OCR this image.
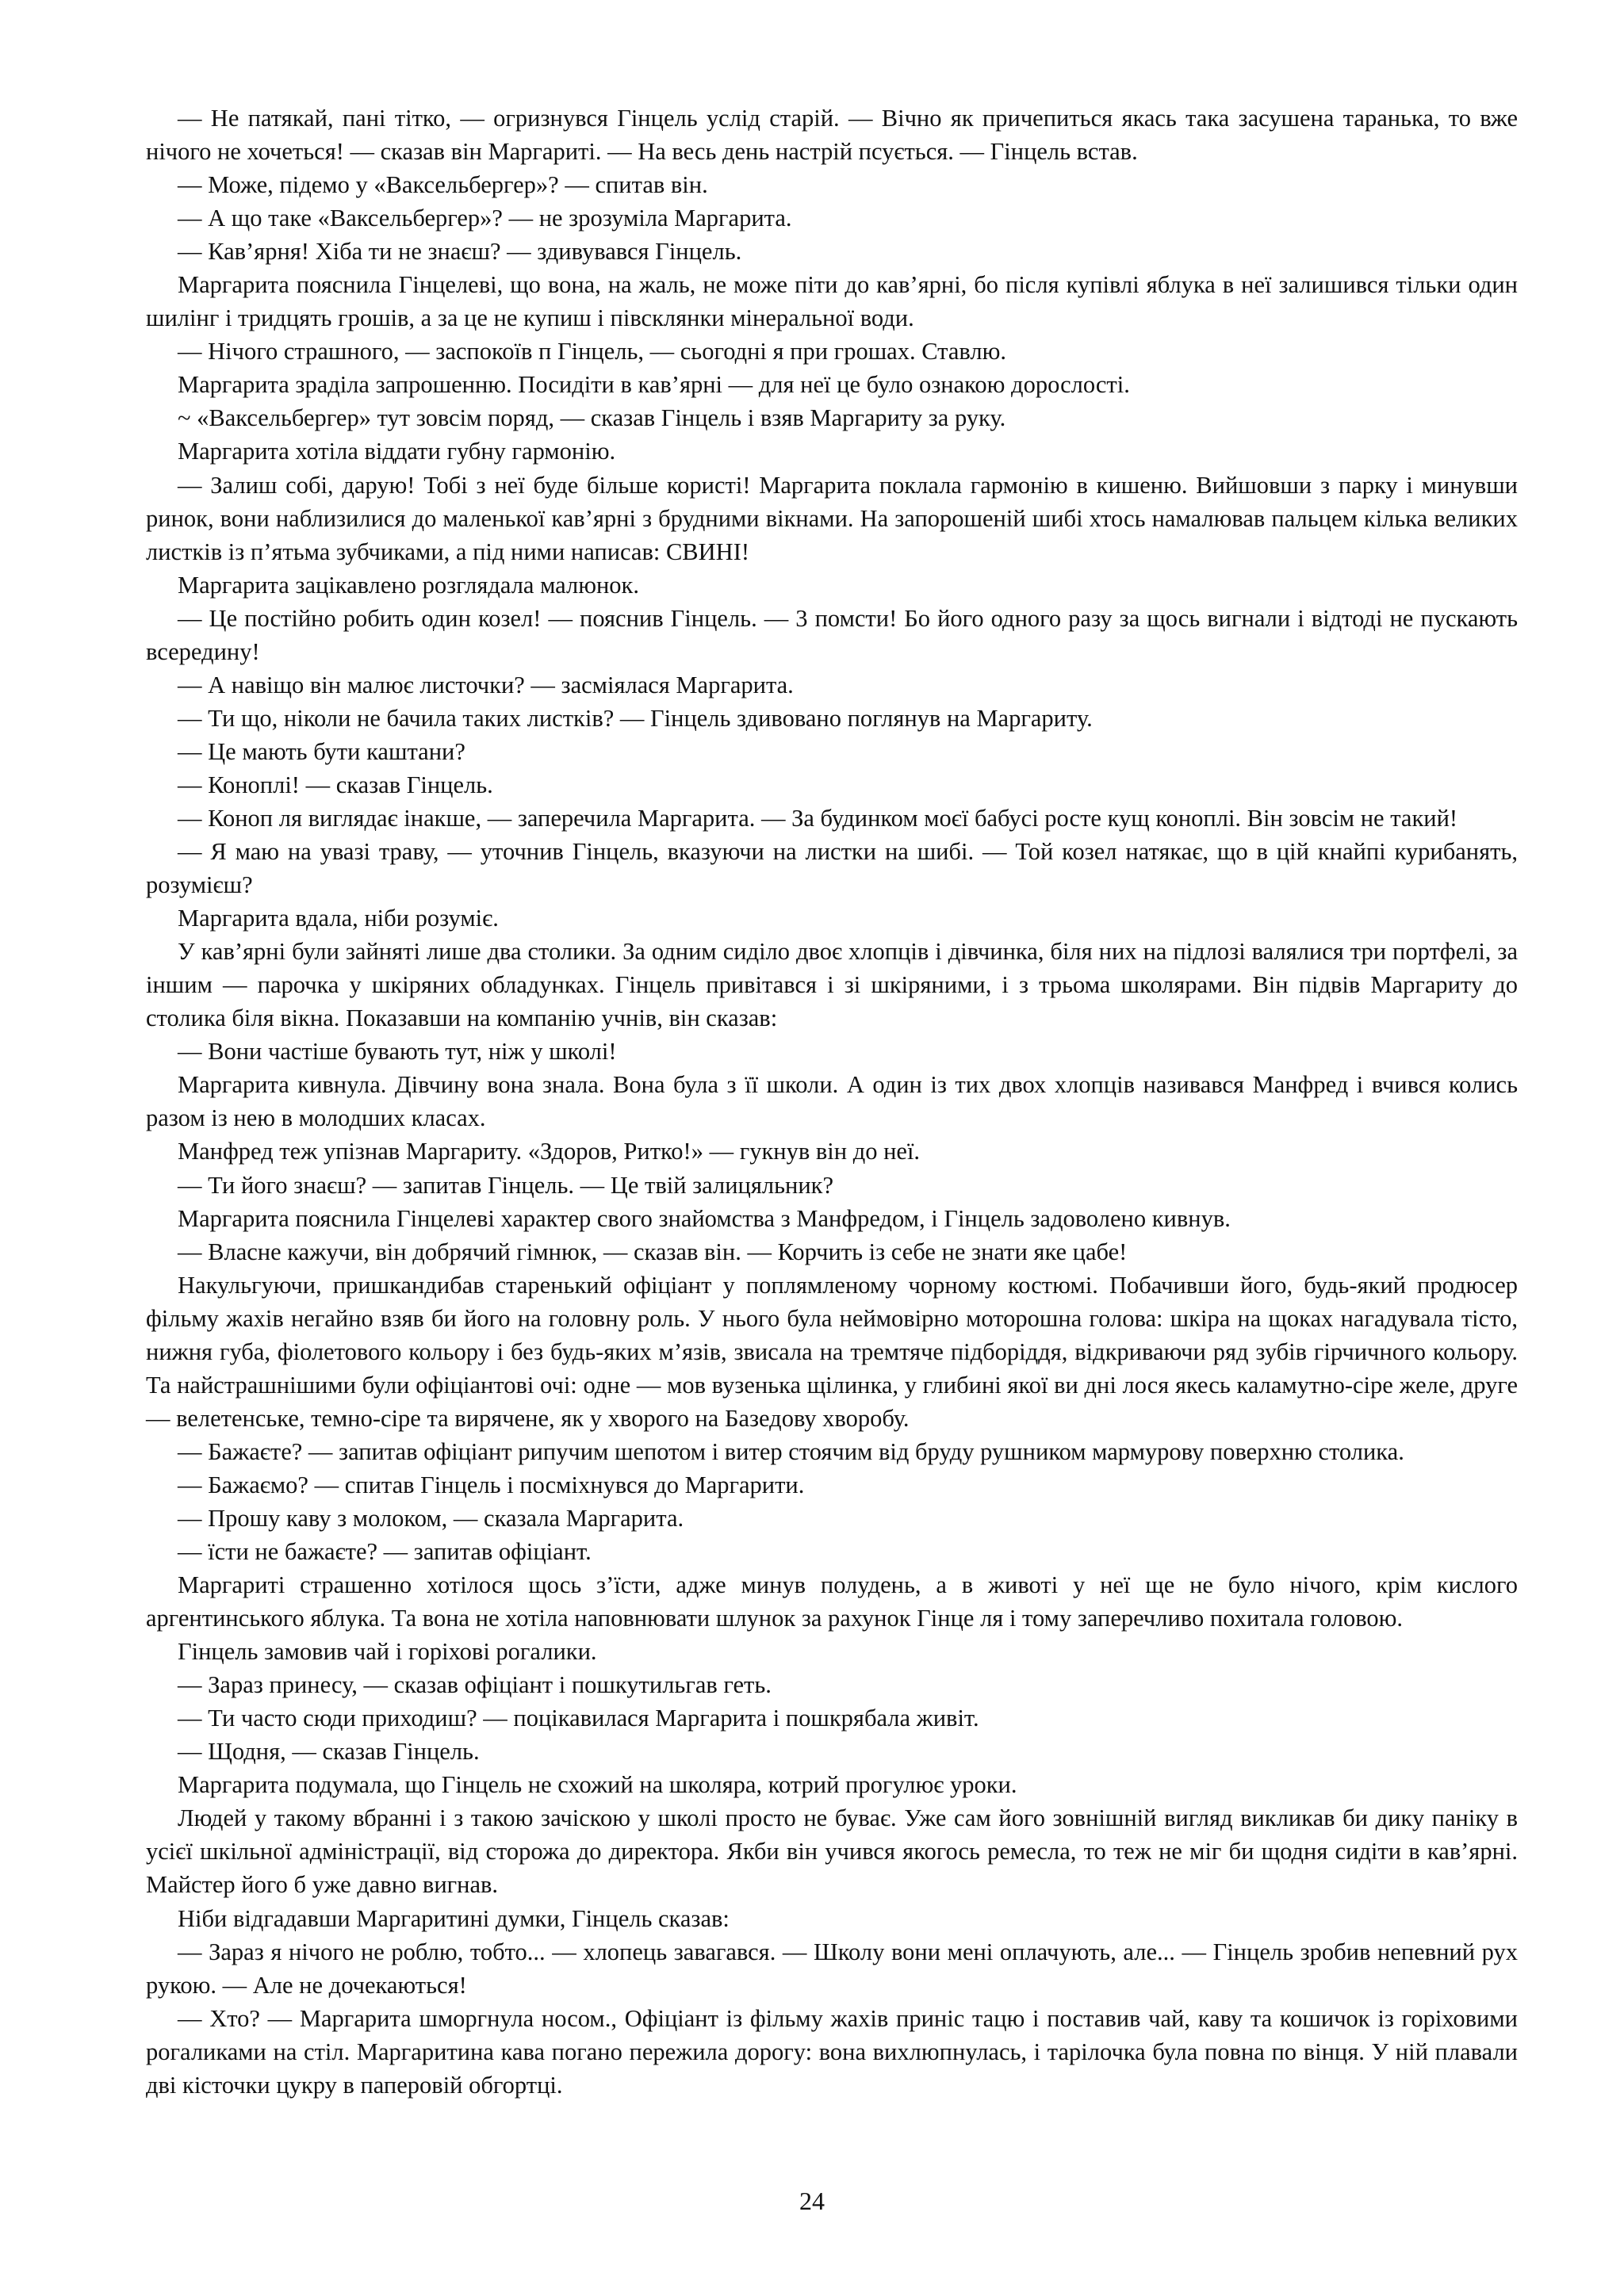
— Не патякай, пані тітко, — огризнувся Гінцель услід старій. — Вічно як причепиться якась така засушена таранька, то вже нічого не хочеться! — сказав він Маргариті. — На весь день настрій псується. — Гінцель встав.

— Може, підемо у «Ваксельбергер»? — спитав він.

— А що таке «Ваксельбергер»? — не зрозуміла Маргарита.

— Кав’ярня! Хіба ти не знаєш? — здивувався Гінцель.

Маргарита пояснила Гінцелеві, що вона, на жаль, не може піти до кав’ярні, бо після купівлі яблука в неї залишився тільки один шилінг і тридцять грошів, а за це не купиш і півсклянки мінеральної води.

— Нічого страшного, — заспокоїв п Гінцель, — сьогодні я при грошах. Ставлю.

Маргарита зраділа запрошенню. Посидіти в кав’ярні — для неї це було ознакою дорослості.

~ «Ваксельбергер» тут зовсім поряд, — сказав Гінцель і взяв Маргариту за руку.

Маргарита хотіла віддати губну гармонію.

— Залиш собі, дарую! Тобі з неї буде більше користі! Маргарита поклала гармонію в кишеню. Вийшовши з парку і минувши ринок, вони наблизилися до маленької кав’ярні з брудними вікнами. На запорошеній шибі хтось намалював пальцем кілька великих листків із п’ятьма зубчиками, а під ними написав: СВИНІ!

Маргарита зацікавлено розглядала малюнок.

— Це постійно робить один козел! — пояснив Гінцель. — 3 помсти! Бо його одного разу за щось вигнали і відтоді не пускають всередину!

— А навіщо він малює листочки? — засміялася Маргарита.

— Ти що, ніколи не бачила таких листків? — Гінцель здивовано поглянув на Маргариту.

— Це мають бути каштани?

— Коноплі! — сказав Гінцель.

— Коноп ля виглядає інакше, — заперечила Маргарита. — За будинком моєї бабусі росте кущ коноплі. Він зовсім не такий!

— Я маю на увазі траву, — уточнив Гінцель, вказуючи на листки на шибі. — Той козел натякає, що в цій кнайпі курибанять, розумієш?

Маргарита вдала, ніби розуміє.

У кав’ярні були зайняті лише два столики. За одним сиділо двоє хлопців і дівчинка, біля них на підлозі валялися три портфелі, за іншим — парочка у шкіряних обладунках. Гінцель привітався і зі шкіряними, і з трьома школярами. Він підвів Маргариту до столика біля вікна. Показавши на компанію учнів, він сказав:

— Вони частіше бувають тут, ніж у школі!

Маргарита кивнула. Дівчину вона знала. Вона була з її школи. А один із тих двох хлопців називався Манфред і вчився колись разом із нею в молодших класах.

Манфред теж упізнав Маргариту. «Здоров, Ритко!» — гукнув він до неї.

— Ти його знаєш? — запитав Гінцель. — Це твій залицяльник?

Маргарита пояснила Гінцелеві характер свого знайомства з Манфредом, і Гінцель задоволено кивнув.

— Власне кажучи, він добрячий гімнюк, — сказав він. — Корчить із себе не знати яке цабе!

Накульгуючи, пришкандибав старенький офіціант у поплямленому чорному костюмі. Побачивши його, будь-який продюсер фільму жахів негайно взяв би його на головну роль. У нього була неймовірно моторошна голова: шкіра на щоках нагадувала тісто, нижня губа, фіолетового кольору і без будь-яких м’язів, звисала на тремтяче підборіддя, відкриваючи ряд зубів гірчичного кольору. Та найстрашнішими були офіціантові очі: одне — мов вузенька щілинка, у глибині якої ви дні лося якесь каламутно-сіре желе, друге — велетенське, темно-сіре та вирячене, як у хворого на Базедову хворобу.

— Бажаєте? — запитав офіціант рипучим шепотом і витер стоячим від бруду рушником мармурову поверхню столика.

— Бажаємо? — спитав Гінцель і посміхнувся до Маргарити.

— Прошу каву з молоком, — сказала Маргарита.

— їсти не бажаєте? — запитав офіціант.

Маргариті страшенно хотілося щось з’їсти, адже минув полудень, а в животі у неї ще не було нічого, крім кислого аргентинського яблука. Та вона не хотіла наповнювати шлунок за рахунок Гінце ля і тому заперечливо похитала головою.

Гінцель замовив чай і горіхові рогалики.

— Зараз принесу, — сказав офіціант і пошкутильгав геть.

— Ти часто сюди приходиш? — поцікавилася Маргарита і пошкрябала живіт.

— Щодня, — сказав Гінцель.

Маргарита подумала, що Гінцель не схожий на школяра, котрий прогулює уроки.

Людей у такому вбранні і з такою зачіскою у школі просто не буває. Уже сам його зовнішній вигляд викликав би дику паніку в усієї шкільної адміністрації, від сторожа до директора. Якби він учився якогось ремесла, то теж не міг би щодня сидіти в кав’ярні. Майстер його б уже давно вигнав.

Ніби відгадавши Маргаритині думки, Гінцель сказав:

— Зараз я нічого не роблю, тобто... — хлопець завагався. — Школу вони мені оплачують, але... — Гінцель зробив непевний рух рукою. — Але не дочекаються!

— Хто? — Маргарита шморгнула носом., Офіціант із фільму жахів приніс тацю і поставив чай, каву та кошичок із горіховими рогаликами на стіл. Маргаритина кава погано пережила дорогу: вона вихлюпнулась, і тарілочка була повна по вінця. У ній плавали дві кісточки цукру в паперовій обгортці.

24
